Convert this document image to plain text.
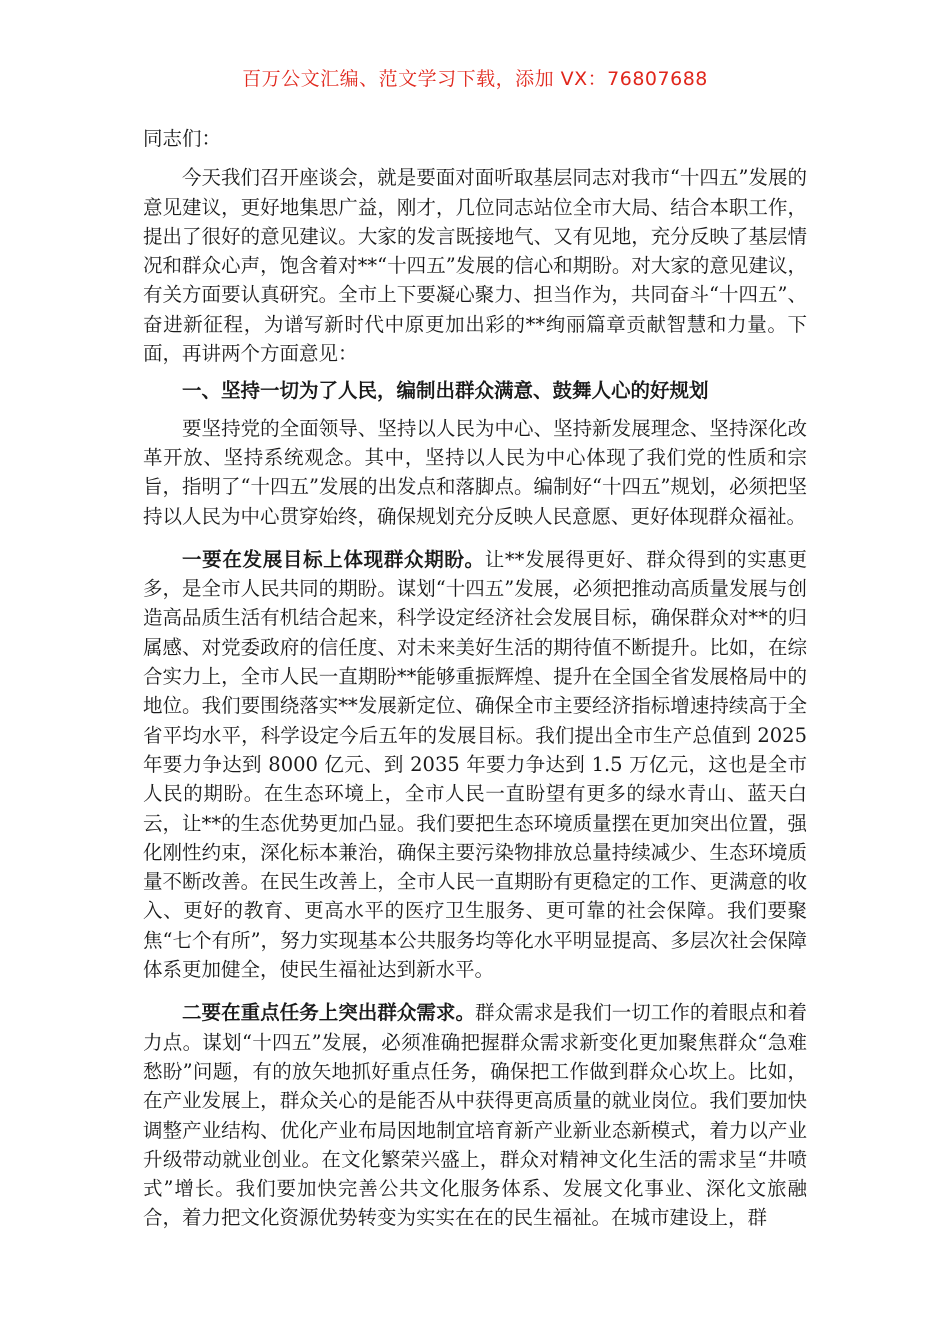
百万公文汇编、范文学习下载，添加 VX：76807688

同志们：

今天我们召开座谈会，就是要面对面听取基层同志对我市“十四五”发展的意见建议，更好地集思广益，刚才，几位同志站位全市大局、结合本职工作，提出了很好的意见建议。大家的发言既接地气、又有见地，充分反映了基层情况和群众心声，饱含着对**“十四五”发展的信心和期盼。对大家的意见建议，有关方面要认真研究。全市上下要凝心聚力、担当作为，共同奋斗“十四五”、奋进新征程，为谱写新时代中原更加出彩的**绚丽篇章贡献智慧和力量。下面，再讲两个方面意见：

一、坚持一切为了人民，编制出群众满意、鼓舞人心的好规划

要坚持党的全面领导、坚持以人民为中心、坚持新发展理念、坚持深化改革开放、坚持系统观念。其中，坚持以人民为中心体现了我们党的性质和宗旨，指明了“十四五”发展的出发点和落脚点。编制好“十四五”规划，必须把坚持以人民为中心贯穿始终，确保规划充分反映人民意愿、更好体现群众福祉。

一要在发展目标上体现群众期盼。让**发展得更好、群众得到的实惠更多，是全市人民共同的期盼。谋划“十四五”发展，必须把推动高质量发展与创造高品质生活有机结合起来，科学设定经济社会发展目标，确保群众对**的归属感、对党委政府的信任度、对未来美好生活的期待值不断提升。比如，在综合实力上，全市人民一直期盼**能够重振辉煌、提升在全国全省发展格局中的地位。我们要围绕落实**发展新定位、确保全市主要经济指标增速持续高于全省平均水平，科学设定今后五年的发展目标。我们提出全市生产总值到 2025 年要力争达到 8000 亿元、到 2035 年要力争达到 1.5 万亿元，这也是全市人民的期盼。在生态环境上，全市人民一直盼望有更多的绿水青山、蓝天白云，让**的生态优势更加凸显。我们要把生态环境质量摆在更加突出位置，强化刚性约束，深化标本兼治，确保主要污染物排放总量持续减少、生态环境质量不断改善。在民生改善上，全市人民一直期盼有更稳定的工作、更满意的收入、更好的教育、更高水平的医疗卫生服务、更可靠的社会保障。我们要聚焦“七个有所”，努力实现基本公共服务均等化水平明显提高、多层次社会保障体系更加健全，使民生福祉达到新水平。

二要在重点任务上突出群众需求。群众需求是我们一切工作的着眼点和着力点。谋划“十四五”发展，必须准确把握群众需求新变化更加聚焦群众“急难愁盼”问题，有的放矢地抓好重点任务，确保把工作做到群众心坎上。比如，在产业发展上，群众关心的是能否从中获得更高质量的就业岗位。我们要加快调整产业结构、优化产业布局因地制宜培育新产业新业态新模式，着力以产业升级带动就业创业。在文化繁荣兴盛上，群众对精神文化生活的需求呈“井喷式”增长。我们要加快完善公共文化服务体系、发展文化事业、深化文旅融合，着力把文化资源优势转变为实实在在的民生福祉。在城市建设上，群
